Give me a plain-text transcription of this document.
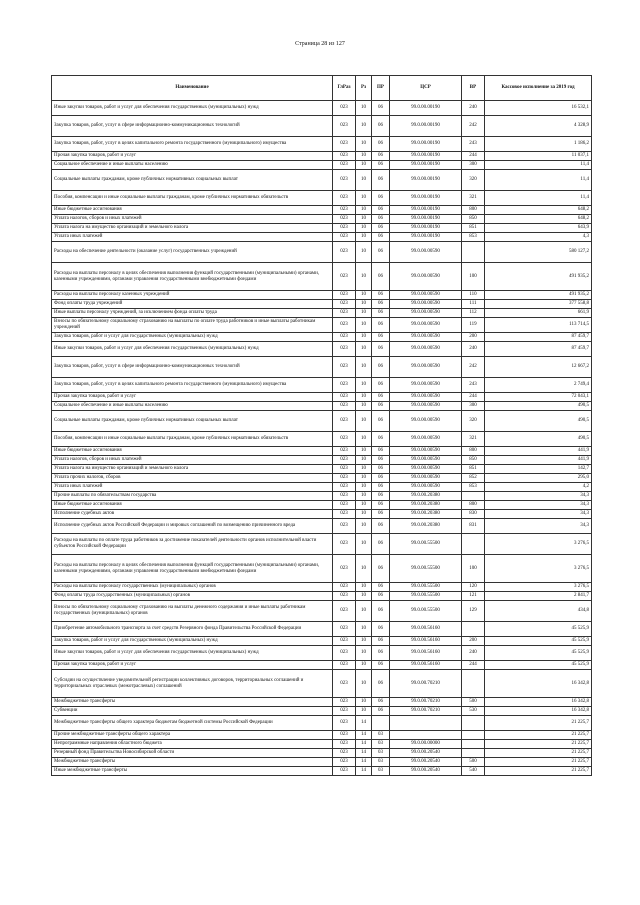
Страница 28 из 127
Наименование	ГлРаз	Рз	ПР	ЦСР	ВР	Кассовое исполнение за 2019 год
Иные закупки товаров, работ и услуг для обеспечения государственных (муниципальных) нужд	023	10	06	99.0.00.00190	240	16 532,1
Закупка товаров, работ, услуг в сфере информационно-коммуникационных технологий	023	10	06	99.0.00.00190	242	4 328,9
Закупка товаров, работ, услуг в целях капитального ремонта государственного (муниципального) имущества	023	10	06	99.0.00.00190	243	1 186,2
Прочая закупка товаров, работ и услуг	023	10	06	99.0.00.00190	244	11 037,1
Социальное обеспечение и иные выплаты населению	023	10	06	99.0.00.00190	300	11,4
Социальные выплаты гражданам, кроме публичных нормативных социальных выплат	023	10	06	99.0.00.00190	320	11,4
Пособия, компенсации и иные социальные выплаты гражданам, кроме публичных нормативных обязательств	023	10	06	99.0.00.00190	321	11,4
Иные бюджетные ассигнования	023	10	06	99.0.00.00190	800	648,2
Уплата налогов, сборов и иных платежей	023	10	06	99.0.00.00190	850	648,2
Уплата налога на имущество организаций и земельного налога	023	10	06	99.0.00.00190	851	643,9
Уплата иных платежей	023	10	06	99.0.00.00190	853	4,3
Расходы на обеспечение деятельности (оказание услуг) государственных учреждений	023	10	06	99.0.00.00590		580 127,2
Расходы на выплаты персоналу в целях обеспечения выполнения функций государственными (муниципальными) органами, казенными учреждениями, органами управления государственными внебюджетными фондами	023	10	06	99.0.00.00590	100	491 935,2
Расходы на выплаты персоналу казенных учреждений	023	10	06	99.0.00.00590	110	491 935,2
Фонд оплаты труда учреждений	023	10	06	99.0.00.00590	111	377 558,8
Иные выплаты персоналу учреждений, за исключением фонда оплаты труда	023	10	06	99.0.00.00590	112	661,9
Взносы по обязательному социальному страхованию на выплаты по оплате труда работников и иные выплаты работникам учреждений	023	10	06	99.0.00.00590	119	113 714,5
Закупка товаров, работ и услуг для государственных (муниципальных) нужд	023	10	06	99.0.00.00590	200	87 459,7
Иные закупки товаров, работ и услуг для обеспечения государственных (муниципальных) нужд	023	10	06	99.0.00.00590	240	87 459,7
Закупка товаров, работ, услуг в сфере информационно-коммуникационных технологий	023	10	06	99.0.00.00590	242	12 667,2
Закупка товаров, работ, услуг в целях капитального ремонта государственного (муниципального) имущества	023	10	06	99.0.00.00590	243	2 749,4
Прочая закупка товаров, работ и услуг	023	10	06	99.0.00.00590	244	72 043,1
Социальное обеспечение и иные выплаты населению	023	10	06	99.0.00.00590	300	490,5
Социальные выплаты гражданам, кроме публичных нормативных социальных выплат	023	10	06	99.0.00.00590	320	490,5
Пособия, компенсации и иные социальные выплаты гражданам, кроме публичных нормативных обязательств	023	10	06	99.0.00.00590	321	490,5
Иные бюджетные ассигнования	023	10	06	99.0.00.00590	800	441,9
Уплата налогов, сборов и иных платежей	023	10	06	99.0.00.00590	850	441,9
Уплата налога на имущество организаций и земельного налога	023	10	06	99.0.00.00590	851	142,7
Уплата прочих налогов, сборов	023	10	06	99.0.00.00590	852	295,0
Уплата иных платежей	023	10	06	99.0.00.00590	853	4,2
Прочие выплаты по обязательствам государства	023	10	06	99.0.00.20380		34,3
Иные бюджетные ассигнования	023	10	06	99.0.00.20380	800	34,3
Исполнение судебных актов	023	10	06	99.0.00.20380	830	34,3
Исполнение судебных актов Российской Федерации и мировых соглашений по возмещению причиненного вреда	023	10	06	99.0.00.20380	831	34,3
Расходы на выплаты по оплате труда работников за достижение показателей деятельности органов исполнительной власти субъектов Российской Федерации	023	10	06	99.0.00.55500		3 276,5
Расходы на выплаты персоналу в целях обеспечения выполнения функций государственными (муниципальными) органами, казенными учреждениями, органами управления государственными внебюджетными фондами	023	10	06	99.0.00.55500	100	3 276,5
Расходы на выплаты персоналу государственных (муниципальных) органов	023	10	06	99.0.00.55500	120	3 276,5
Фонд оплаты труда государственных (муниципальных) органов	023	10	06	99.0.00.55500	121	2 841,7
Взносы по обязательному социальному страхованию на выплаты денежного содержания и иные выплаты работникам государственных (муниципальных) органов	023	10	06	99.0.00.55500	129	434,8
Приобретение автомобильного транспорта за счет средств Резервного фонда Правительства Российской Федерации	023	10	06	99.0.00.56160		45 525,9
Закупка товаров, работ и услуг для государственных (муниципальных) нужд	023	10	06	99.0.00.56160	200	45 525,9
Иные закупки товаров, работ и услуг для обеспечения государственных (муниципальных) нужд	023	10	06	99.0.00.56160	240	45 525,9
Прочая закупка товаров, работ и услуг	023	10	06	99.0.00.56160	244	45 525,9
Субсидии на осуществление уведомительной регистрации коллективных договоров, территориальных соглашений и территориальных отраслевых (межотраслевых) соглашений	023	10	06	99.0.00.70210		16 342,8
Межбюджетные трансферты	023	10	06	99.0.00.70210	500	16 342,8
Субвенции	023	10	06	99.0.00.70210	530	16 342,8
Межбюджетные трансферты общего характера бюджетам бюджетной системы Российской Федерации	023	14				21 225,7
Прочие межбюджетные трансферты общего характера	023	14	03			21 225,7
Непрограммные направления областного бюджета	023	14	03	99.0.00.00000		21 225,7
Резервный фонд Правительства Новосибирской области	023	14	03	99.0.00.20540		21 225,7
Межбюджетные трансферты	023	14	03	99.0.00.20540	500	21 225,7
Иные межбюджетные трансферты	023	14	03	99.0.00.20540	540	21 225,7
